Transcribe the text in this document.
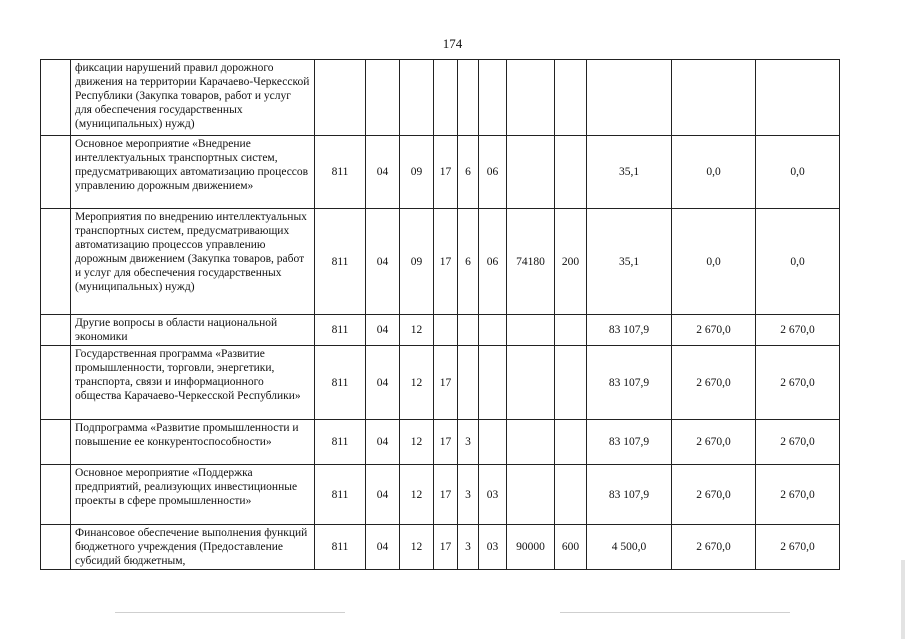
174
	фиксации нарушений правил дорожного движения на территории Карачаево-Черкесской Республики (Закупка товаров, работ и услуг для обеспечения государственных (муниципальных) нужд)											
	Основное мероприятие «Внедрение интеллектуальных транспортных систем, предусматривающих автоматизацию процессов управлению дорожным движением»	811	04	09	17	6	06			35,1	0,0	0,0
	Мероприятия по внедрению интеллектуальных транспортных систем, предусматривающих автоматизацию процессов управлению дорожным движением (Закупка товаров, работ и услуг для обеспечения государственных (муниципальных) нужд)	811	04	09	17	6	06	74180	200	35,1	0,0	0,0
	Другие вопросы в области национальной экономики	811	04	12						83 107,9	2 670,0	2 670,0
	Государственная программа «Развитие промышленности, торговли, энергетики, транспорта, связи и информационного общества Карачаево-Черкесской Республики»	811	04	12	17					83 107,9	2 670,0	2 670,0
	Подпрограмма «Развитие промышленности и повышение ее конкурентоспособности»	811	04	12	17	3				83 107,9	2 670,0	2 670,0
	Основное мероприятие «Поддержка предприятий, реализующих инвестиционные проекты в сфере промышленности»	811	04	12	17	3	03			83 107,9	2 670,0	2 670,0
	Финансовое обеспечение выполнения функций бюджетного учреждения (Предоставление субсидий бюджетным,	811	04	12	17	3	03	90000	600	4 500,0	2 670,0	2 670,0
